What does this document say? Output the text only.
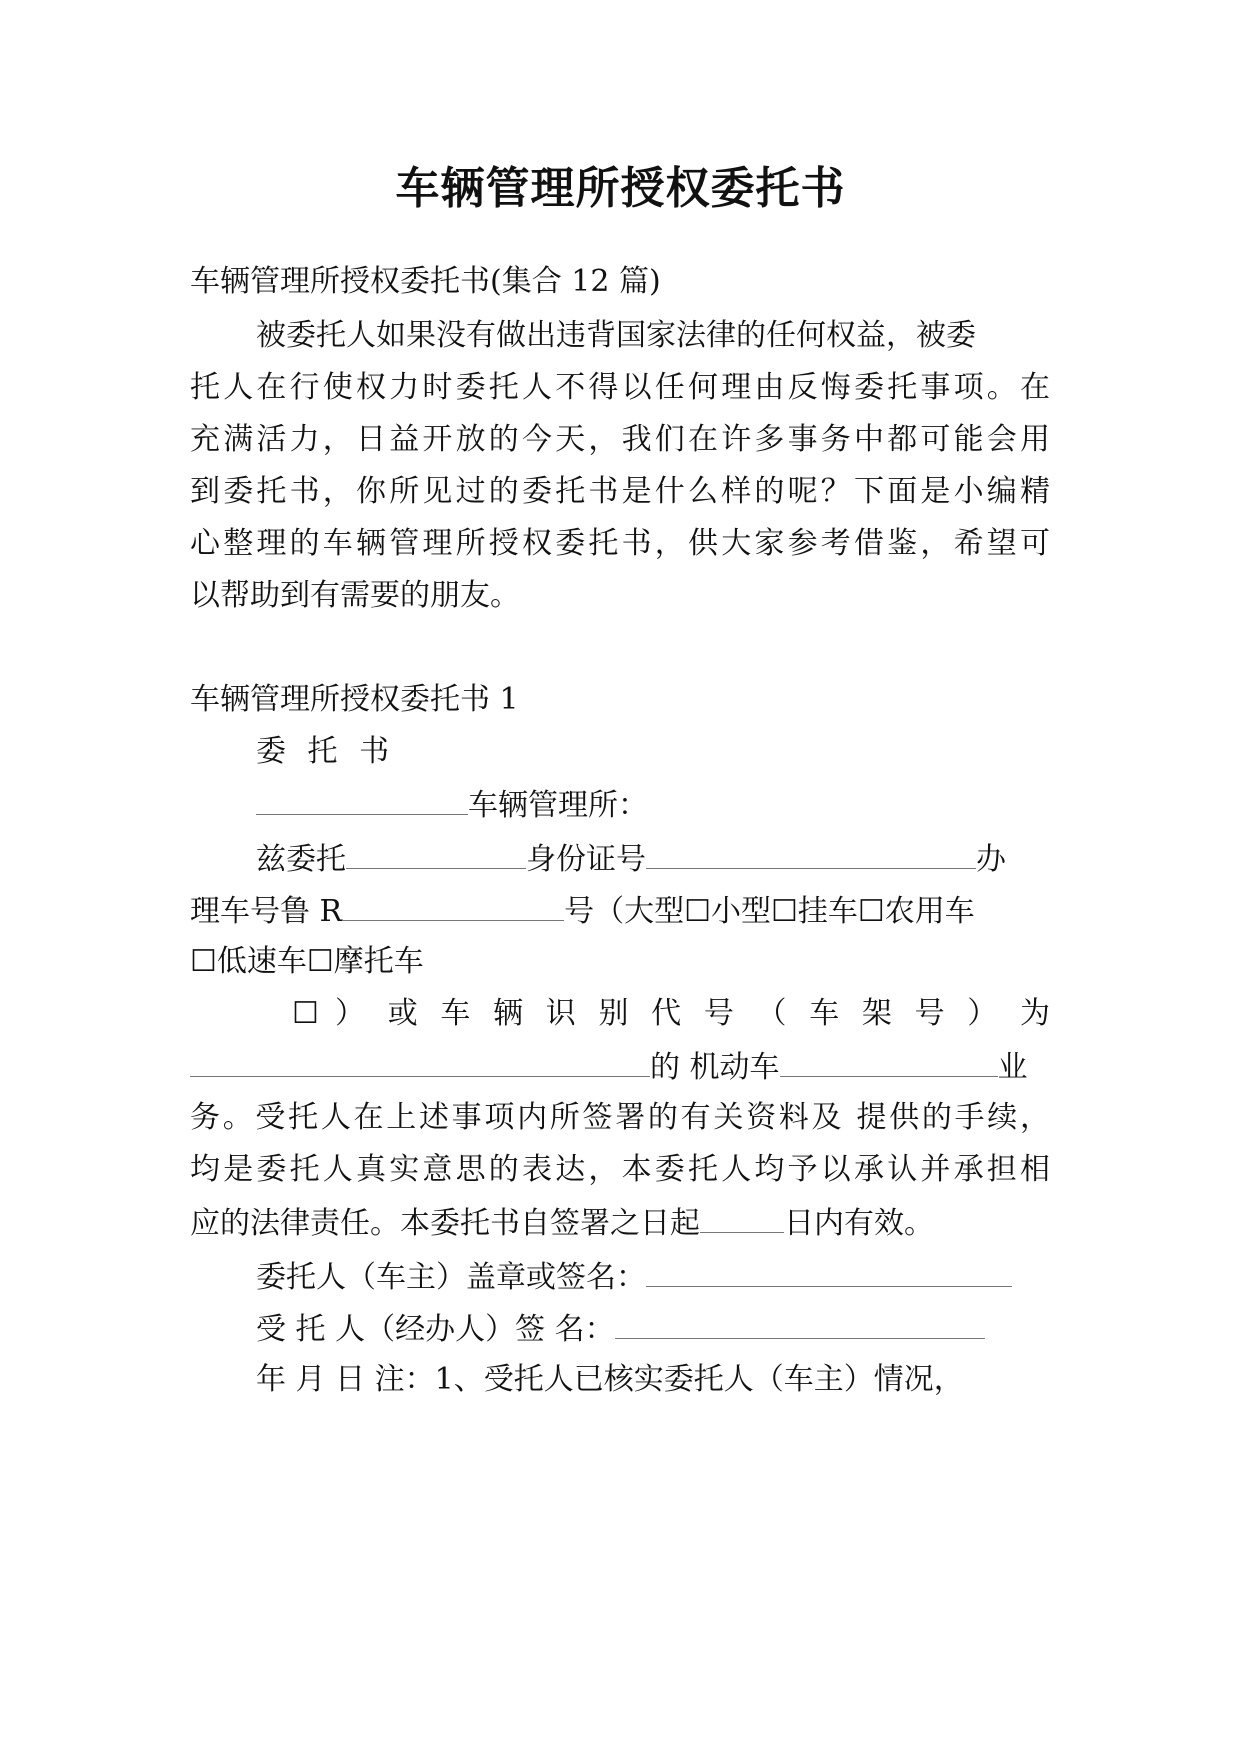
车辆管理所授权委托书
车辆管理所授权委托书(集合 12 篇)
被委托人如果没有做出违背国家法律的任何权益，被委
托人在行使权力时委托人不得以任何理由反悔委托事项。在
充满活力，日益开放的今天，我们在许多事务中都可能会用
到委托书，你所见过的委托书是什么样的呢？下面是小编精
心整理的车辆管理所授权委托书，供大家参考借鉴，希望可
以帮助到有需要的朋友。
车辆管理所授权委托书 1
委 托 书
车辆管理所：
兹委托	身份证号	办
理车号鲁 R	号（大型☐小型☐挂车☐农用车
☐低速车☐摩托车
☐ ） 或 车 辆 识 别 代 号 （ 车 架 号 ） 为
的 机动车	业
务。受托人在上述事项内所签署的有关资料及 提供的手续，
均是委托人真实意思的表达，本委托人均予以承认并承担相
应的法律责任。本委托书自签署之日起	日内有效。
委托人（车主）盖章或签名：
受 托 人（经办人）签 名：
年 月 日 注：1、受托人已核实委托人（车主）情况，
